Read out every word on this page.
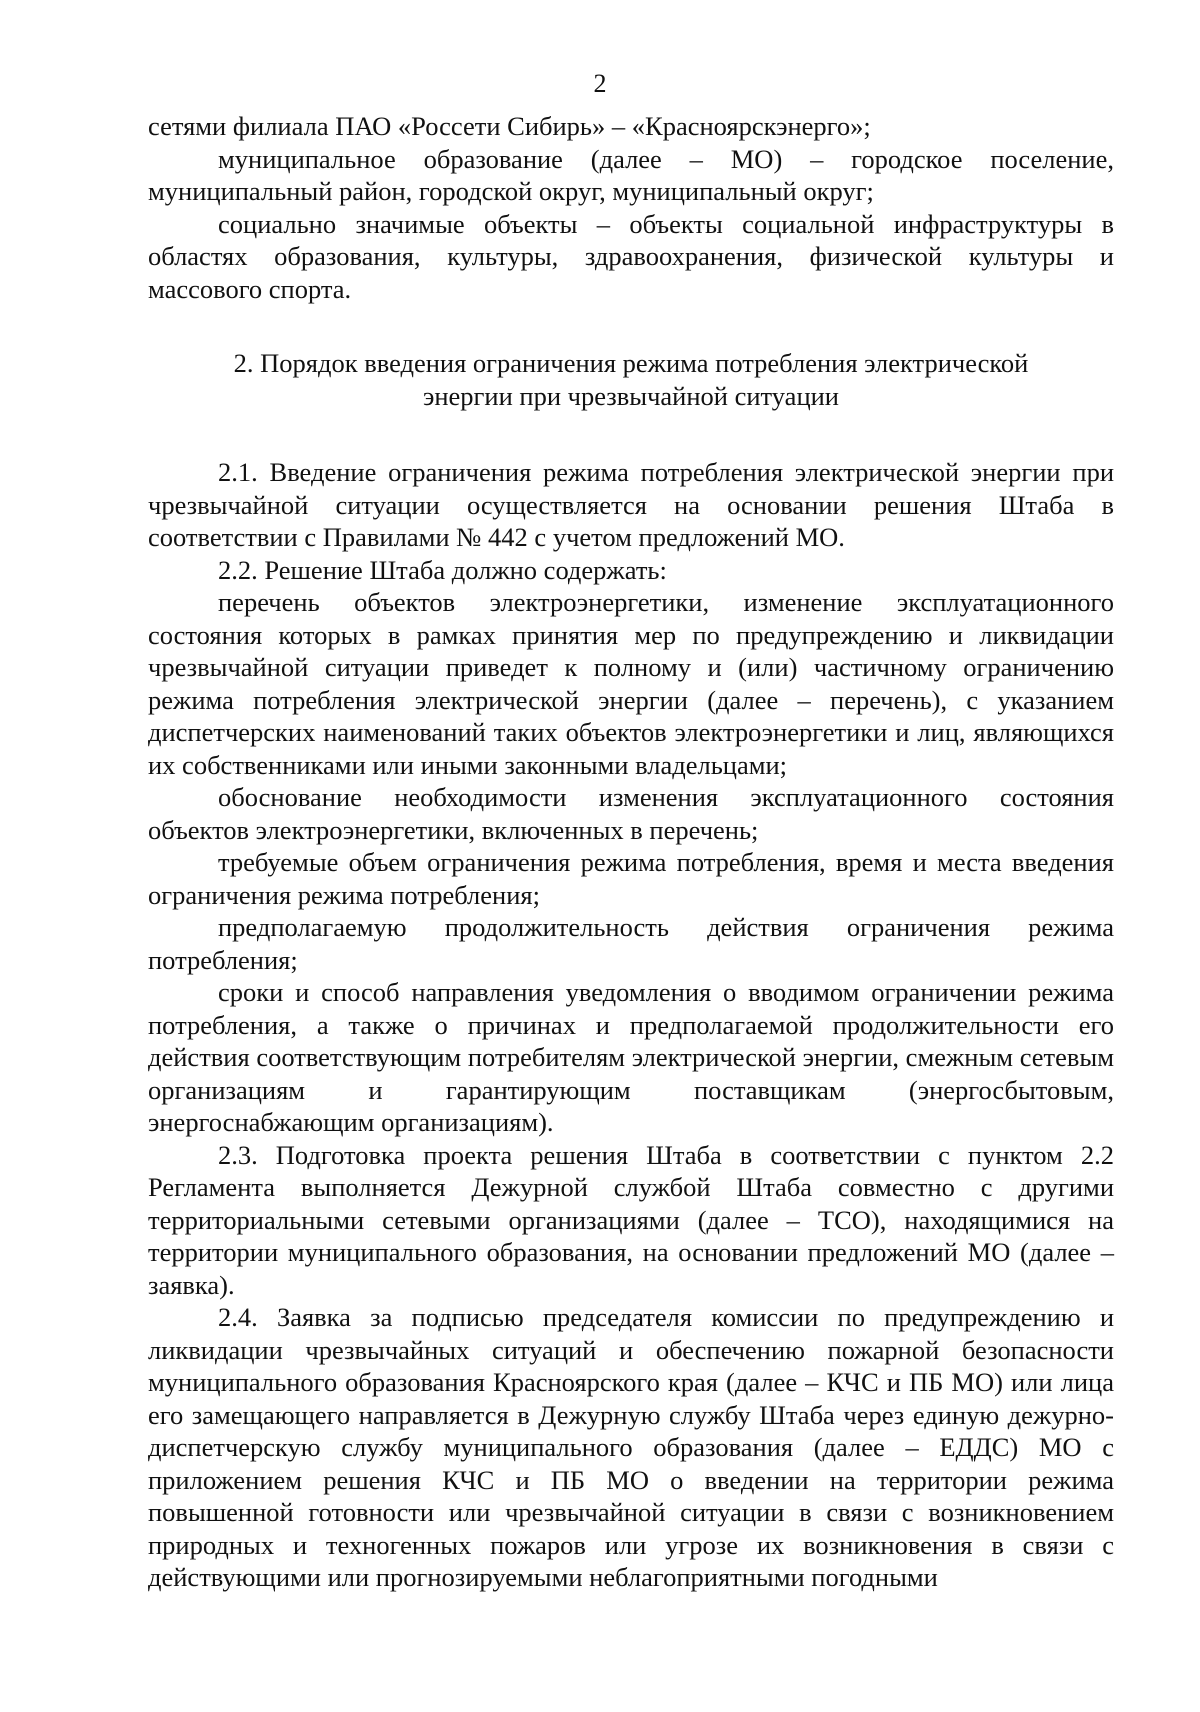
2

сетями филиала ПАО «Россети Сибирь» – «Красноярскэнерго»;

муниципальное образование (далее – МО) – городское поселение, муниципальный район, городской округ, муниципальный округ;

социально значимые объекты – объекты социальной инфраструктуры в областях образования, культуры, здравоохранения, физической культуры и массового спорта.

2. Порядок введения ограничения режима потребления электрической
энергии при чрезвычайной ситуации

2.1. Введение ограничения режима потребления электрической энергии при чрезвычайной ситуации осуществляется на основании решения Штаба в соответствии с Правилами № 442 с учетом предложений МО.

2.2. Решение Штаба должно содержать:

перечень объектов электроэнергетики, изменение эксплуатационного состояния которых в рамках принятия мер по предупреждению и ликвидации чрезвычайной ситуации приведет к полному и (или) частичному ограничению режима потребления электрической энергии (далее – перечень), с указанием диспетчерских наименований таких объектов электроэнергетики и лиц, являющихся их собственниками или иными законными владельцами;

обоснование необходимости изменения эксплуатационного состояния объектов электроэнергетики, включенных в перечень;

требуемые объем ограничения режима потребления, время и места введения ограничения режима потребления;

предполагаемую продолжительность действия ограничения режима потребления;

сроки и способ направления уведомления о вводимом ограничении режима потребления, а также о причинах и предполагаемой продолжительности его действия соответствующим потребителям электрической энергии, смежным сетевым организациям и гарантирующим поставщикам (энергосбытовым, энергоснабжающим организациям).

2.3. Подготовка проекта решения Штаба в соответствии с пунктом 2.2 Регламента выполняется Дежурной службой Штаба совместно с другими территориальными сетевыми организациями (далее – ТСО), находящимися на территории муниципального образования, на основании предложений МО (далее – заявка).

2.4. Заявка за подписью председателя комиссии по предупреждению и ликвидации чрезвычайных ситуаций и обеспечению пожарной безопасности муниципального образования Красноярского края (далее – КЧС и ПБ МО) или лица его замещающего направляется в Дежурную службу Штаба через единую дежурно-диспетчерскую службу муниципального образования (далее – ЕДДС) МО с приложением решения КЧС и ПБ МО о введении на территории режима повышенной готовности или чрезвычайной ситуации в связи с возникновением природных и техногенных пожаров или угрозе их возникновения в связи с действующими или прогнозируемыми неблагоприятными погодными
